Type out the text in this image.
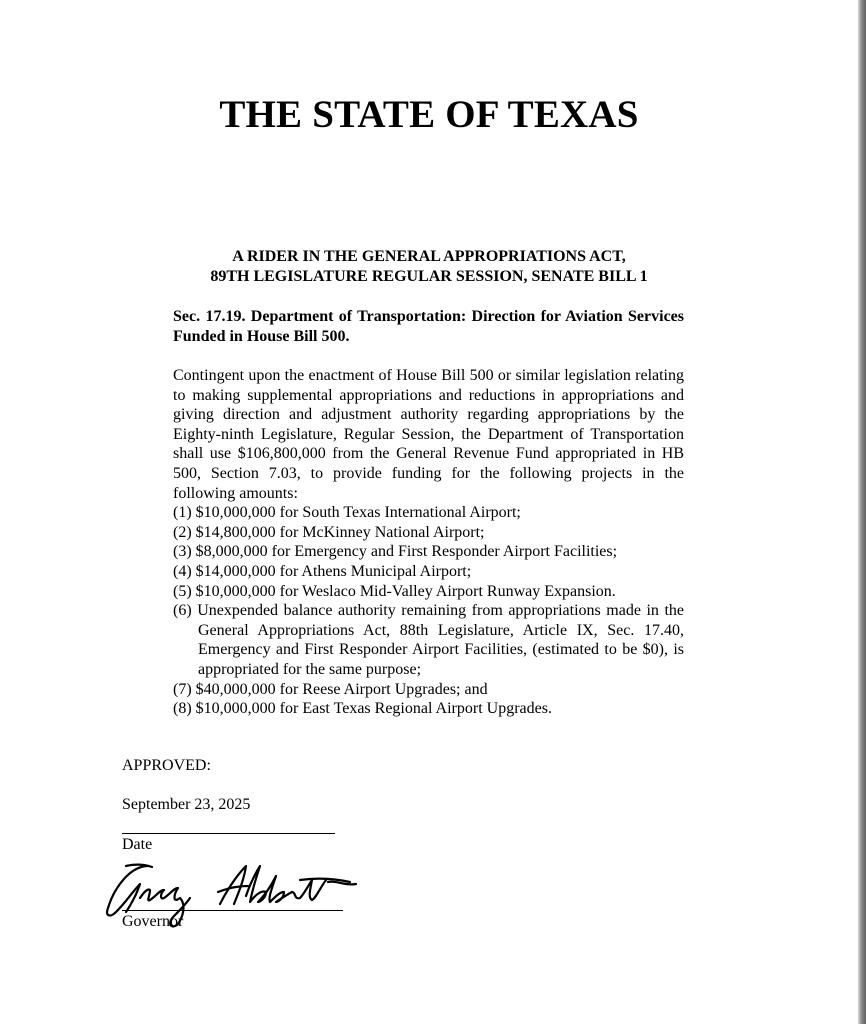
THE STATE OF TEXAS
A RIDER IN THE GENERAL APPROPRIATIONS ACT,
89TH LEGISLATURE REGULAR SESSION, SENATE BILL 1
Sec. 17.19. Department of Transportation: Direction for Aviation Services Funded in House Bill 500.

Contingent upon the enactment of House Bill 500 or similar legislation relating to making supplemental appropriations and reductions in appropriations and giving direction and adjustment authority regarding appropriations by the Eighty-ninth Legislature, Regular Session, the Department of Transportation shall use $106,800,000 from the General Revenue Fund appropriated in HB 500, Section 7.03, to provide funding for the following projects in the following amounts:

(1) $10,000,000 for South Texas International Airport;
(2) $14,800,000 for McKinney National Airport;
(3) $8,000,000 for Emergency and First Responder Airport Facilities;
(4) $14,000,000 for Athens Municipal Airport;
(5) $10,000,000 for Weslaco Mid-Valley Airport Runway Expansion.
(6) Unexpended balance authority remaining from appropriations made in the General Appropriations Act, 88th Legislature, Article IX, Sec. 17.40, Emergency and First Responder Airport Facilities, (estimated to be $0), is appropriated for the same purpose;
(7) $40,000,000 for Reese Airport Upgrades; and
(8) $10,000,000 for East Texas Regional Airport Upgrades.
APPROVED:
September 23, 2025
Date
Governor
